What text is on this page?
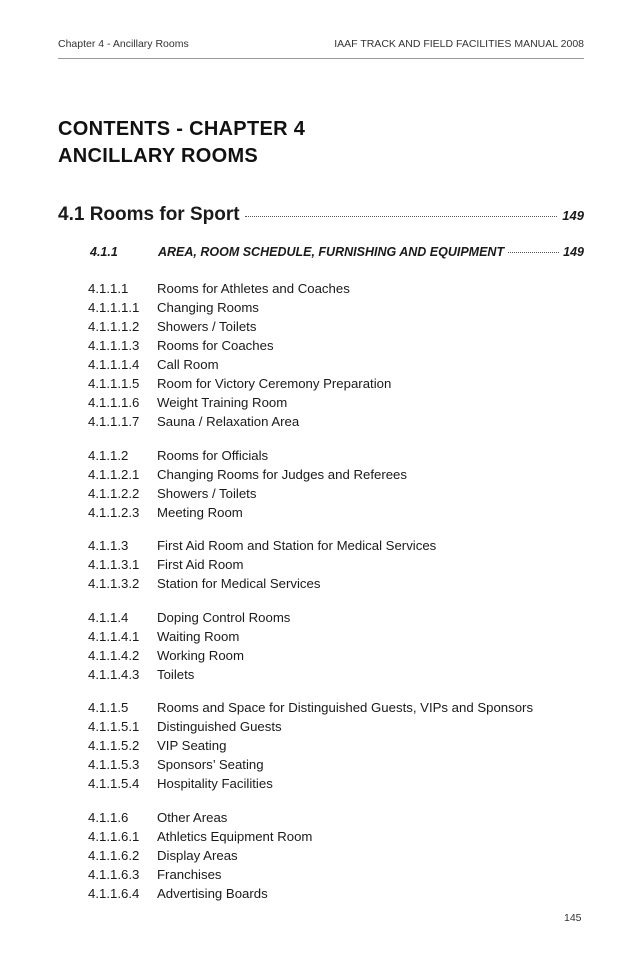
Chapter 4 - Ancillary Rooms	IAAF TRACK AND FIELD FACILITIES MANUAL 2008
CONTENTS - CHAPTER 4
ANCILLARY ROOMS
4.1 Rooms for Sport	149
4.1.1	AREA, ROOM SCHEDULE, FURNISHING AND EQUIPMENT	149
4.1.1.1	Rooms for Athletes and Coaches
4.1.1.1.1	Changing Rooms
4.1.1.1.2	Showers / Toilets
4.1.1.1.3	Rooms for Coaches
4.1.1.1.4	Call Room
4.1.1.1.5	Room for Victory Ceremony Preparation
4.1.1.1.6	Weight Training Room
4.1.1.1.7	Sauna / Relaxation Area
4.1.1.2	Rooms for Officials
4.1.1.2.1	Changing Rooms for Judges and Referees
4.1.1.2.2	Showers / Toilets
4.1.1.2.3	Meeting Room
4.1.1.3	First Aid Room and Station for Medical Services
4.1.1.3.1	First Aid Room
4.1.1.3.2	Station for Medical Services
4.1.1.4	Doping Control Rooms
4.1.1.4.1	Waiting Room
4.1.1.4.2	Working Room
4.1.1.4.3	Toilets
4.1.1.5	Rooms and Space for Distinguished Guests, VIPs and Sponsors
4.1.1.5.1	Distinguished Guests
4.1.1.5.2	VIP Seating
4.1.1.5.3	Sponsors’ Seating
4.1.1.5.4	Hospitality Facilities
4.1.1.6	Other Areas
4.1.1.6.1	Athletics Equipment Room
4.1.1.6.2	Display Areas
4.1.1.6.3	Franchises
4.1.1.6.4	Advertising Boards
145
